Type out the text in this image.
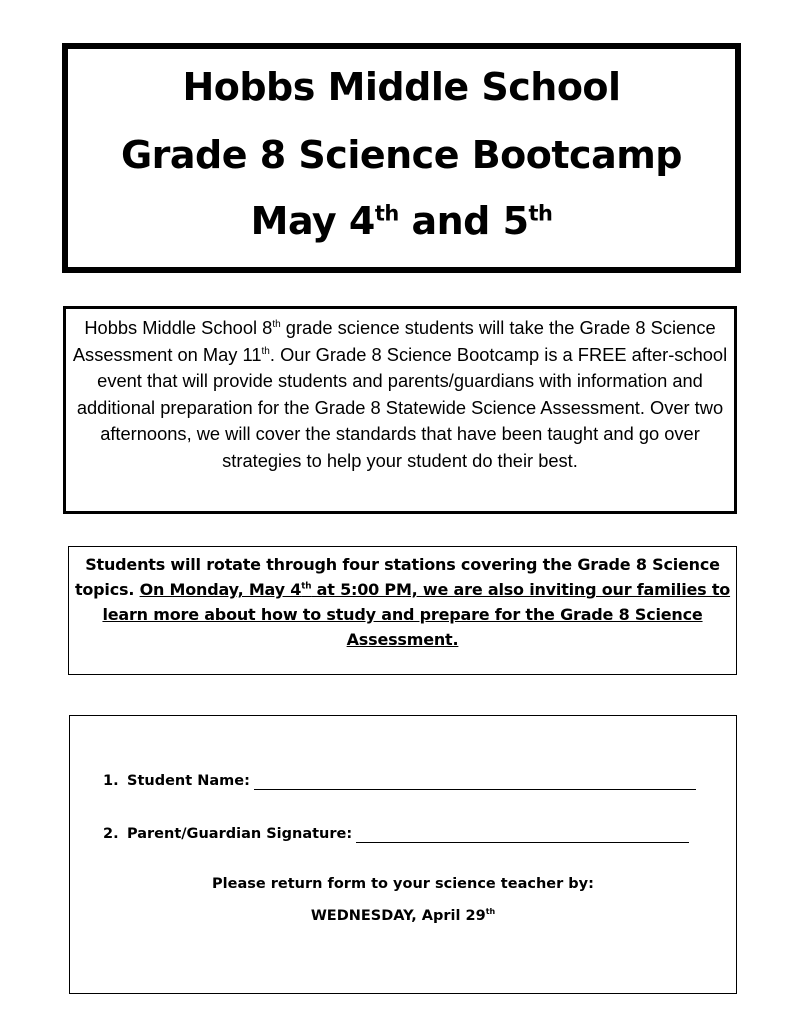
Hobbs Middle School
Grade 8 Science Bootcamp
May 4th and 5th
Hobbs Middle School 8th grade science students will take the Grade 8 Science Assessment on May 11th. Our Grade 8 Science Bootcamp is a FREE after-school event that will provide students and parents/guardians with information and additional preparation for the Grade 8 Statewide Science Assessment. Over two afternoons, we will cover the standards that have been taught and go over strategies to help your student do their best.
Students will rotate through four stations covering the Grade 8 Science topics. On Monday, May 4th at 5:00 PM, we are also inviting our families to learn more about how to study and prepare for the Grade 8 Science Assessment.
1. Student Name:
2. Parent/Guardian Signature:
Please return form to your science teacher by:
WEDNESDAY, April 29th
